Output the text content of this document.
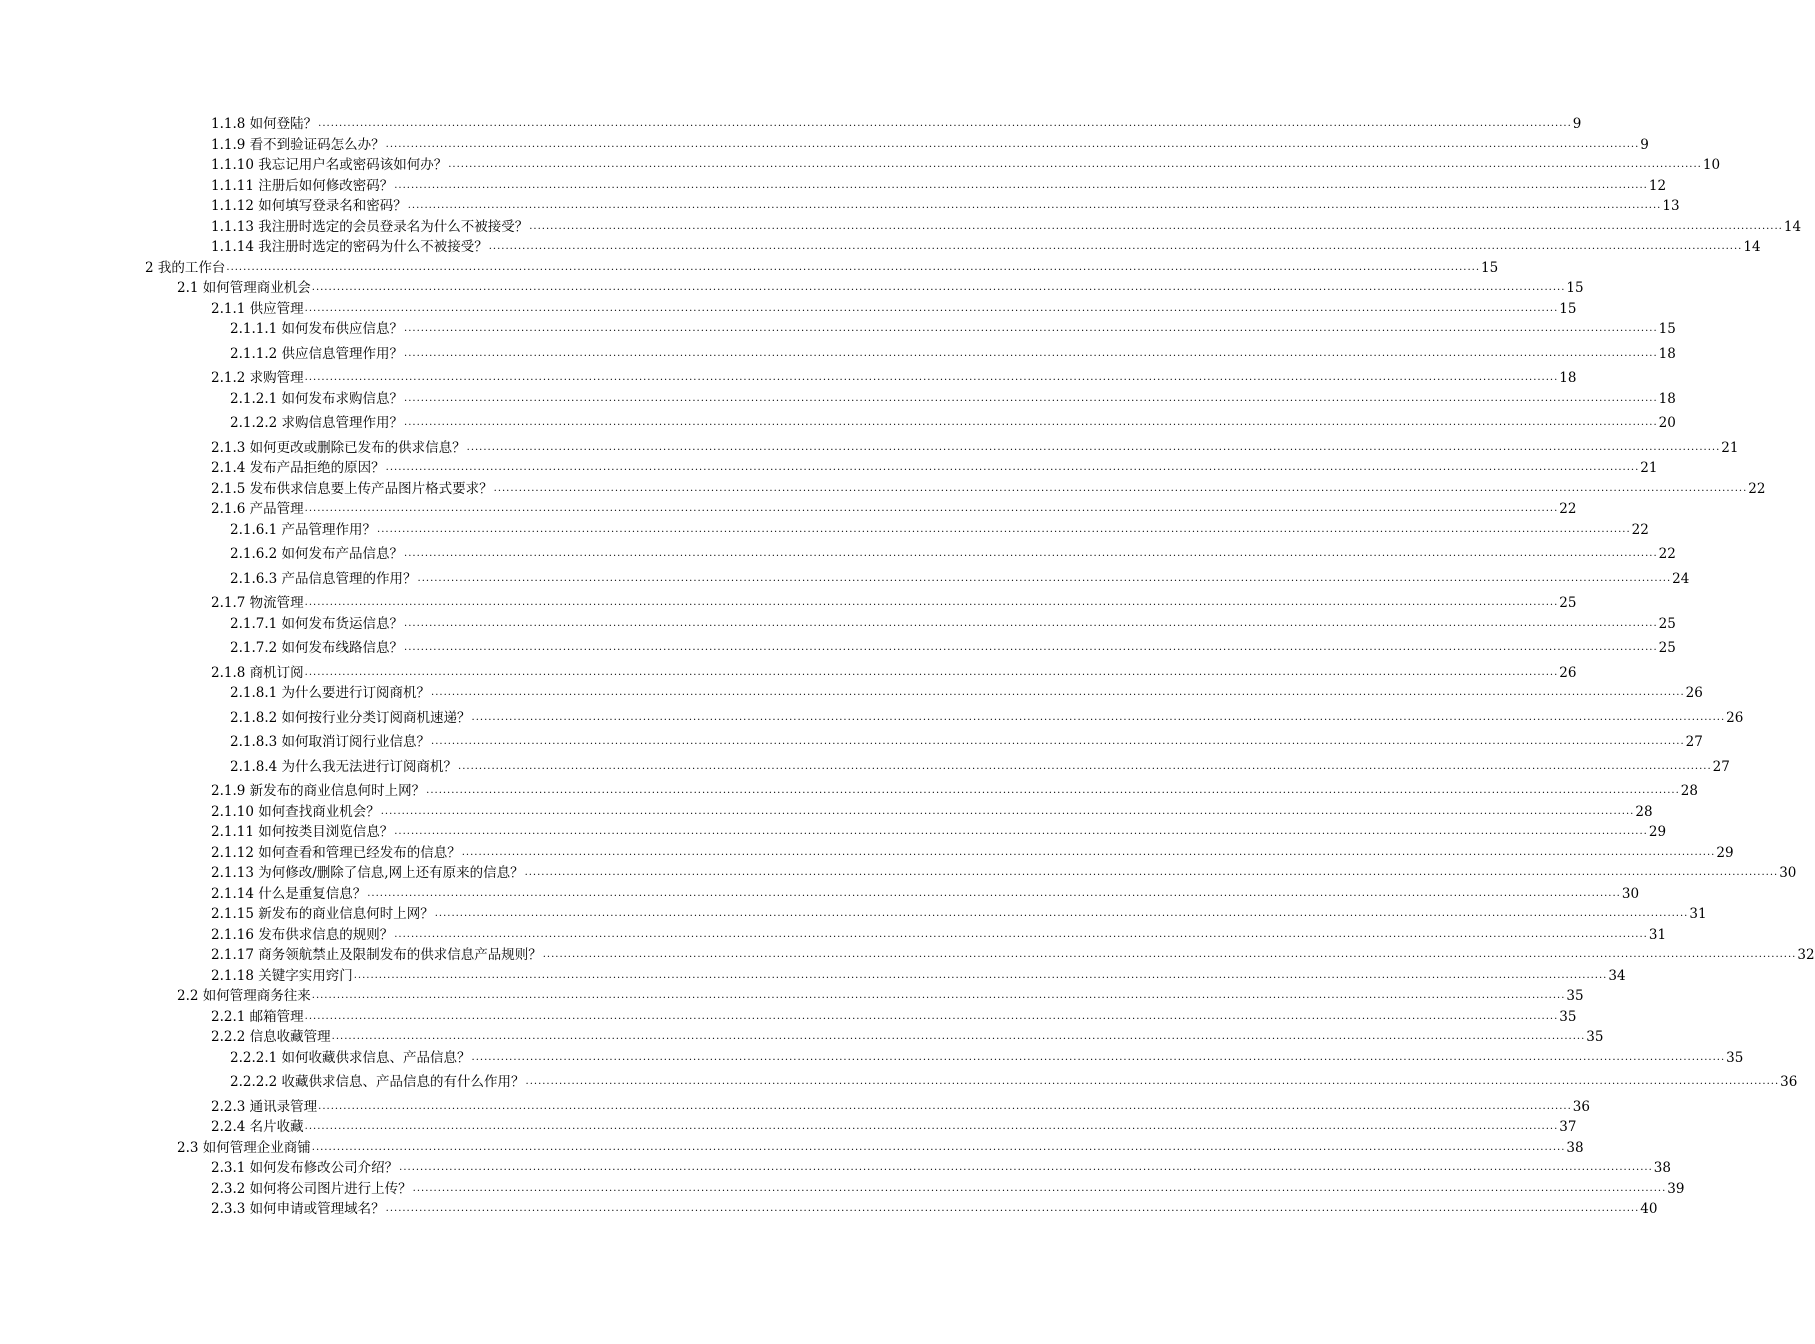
1.1.8 如何登陆？ ............................................................................................................................................................................................................................................................................................................ 9
1.1.9 看不到验证码怎么办？ ............................................................................................................................................................................................................................................................................................................ 9
1.1.10 我忘记用户名或密码该如何办？ ............................................................................................................................................................................................................................................................................................................ 10
1.1.11 注册后如何修改密码？ ............................................................................................................................................................................................................................................................................................................ 12
1.1.12 如何填写登录名和密码？ ............................................................................................................................................................................................................................................................................................................ 13
1.1.13 我注册时选定的会员登录名为什么不被接受？ ............................................................................................................................................................................................................................................................................................................ 14
1.1.14 我注册时选定的密码为什么不被接受？ ............................................................................................................................................................................................................................................................................................................ 14
2 我的工作台 ............................................................................................................................................................................................................................................................................................................ 15
2.1 如何管理商业机会 ............................................................................................................................................................................................................................................................................................................ 15
2.1.1 供应管理 ............................................................................................................................................................................................................................................................................................................ 15
2.1.1.1 如何发布供应信息？ ............................................................................................................................................................................................................................................................................................................ 15
2.1.1.2 供应信息管理作用？ ............................................................................................................................................................................................................................................................................................................ 18
2.1.2 求购管理 ............................................................................................................................................................................................................................................................................................................ 18
2.1.2.1 如何发布求购信息？ ............................................................................................................................................................................................................................................................................................................ 18
2.1.2.2 求购信息管理作用？ ............................................................................................................................................................................................................................................................................................................ 20
2.1.3 如何更改或删除已发布的供求信息？ ............................................................................................................................................................................................................................................................................................................ 21
2.1.4 发布产品拒绝的原因？ ............................................................................................................................................................................................................................................................................................................ 21
2.1.5 发布供求信息要上传产品图片格式要求？ ............................................................................................................................................................................................................................................................................................................ 22
2.1.6 产品管理 ............................................................................................................................................................................................................................................................................................................ 22
2.1.6.1 产品管理作用？ ............................................................................................................................................................................................................................................................................................................ 22
2.1.6.2 如何发布产品信息？ ............................................................................................................................................................................................................................................................................................................ 22
2.1.6.3 产品信息管理的作用？ ............................................................................................................................................................................................................................................................................................................ 24
2.1.7 物流管理 ............................................................................................................................................................................................................................................................................................................ 25
2.1.7.1 如何发布货运信息？ ............................................................................................................................................................................................................................................................................................................ 25
2.1.7.2 如何发布线路信息？ ............................................................................................................................................................................................................................................................................................................ 25
2.1.8 商机订阅 ............................................................................................................................................................................................................................................................................................................ 26
2.1.8.1 为什么要进行订阅商机？ ............................................................................................................................................................................................................................................................................................................ 26
2.1.8.2 如何按行业分类订阅商机速递？ ............................................................................................................................................................................................................................................................................................................ 26
2.1.8.3 如何取消订阅行业信息？ ............................................................................................................................................................................................................................................................................................................ 27
2.1.8.4 为什么我无法进行订阅商机？ ............................................................................................................................................................................................................................................................................................................ 27
2.1.9 新发布的商业信息何时上网？ ............................................................................................................................................................................................................................................................................................................ 28
2.1.10 如何查找商业机会？ ............................................................................................................................................................................................................................................................................................................ 28
2.1.11 如何按类目浏览信息？ ............................................................................................................................................................................................................................................................................................................ 29
2.1.12 如何查看和管理已经发布的信息？ ............................................................................................................................................................................................................................................................................................................ 29
2.1.13 为何修改/删除了信息,网上还有原来的信息？ ............................................................................................................................................................................................................................................................................................................ 30
2.1.14 什么是重复信息？ ............................................................................................................................................................................................................................................................................................................ 30
2.1.15 新发布的商业信息何时上网？ ............................................................................................................................................................................................................................................................................................................ 31
2.1.16 发布供求信息的规则？ ............................................................................................................................................................................................................................................................................................................ 31
2.1.17 商务领航禁止及限制发布的供求信息产品规则？ ............................................................................................................................................................................................................................................................................................................ 32
2.1.18 关键字实用窍门 ............................................................................................................................................................................................................................................................................................................ 34
2.2 如何管理商务往来 ............................................................................................................................................................................................................................................................................................................ 35
2.2.1 邮箱管理 ............................................................................................................................................................................................................................................................................................................ 35
2.2.2 信息收藏管理 ............................................................................................................................................................................................................................................................................................................ 35
2.2.2.1 如何收藏供求信息、产品信息？ ............................................................................................................................................................................................................................................................................................................ 35
2.2.2.2 收藏供求信息、产品信息的有什么作用？ ............................................................................................................................................................................................................................................................................................................ 36
2.2.3 通讯录管理 ............................................................................................................................................................................................................................................................................................................ 36
2.2.4 名片收藏 ............................................................................................................................................................................................................................................................................................................ 37
2.3 如何管理企业商铺 ............................................................................................................................................................................................................................................................................................................ 38
2.3.1 如何发布修改公司介绍？ ............................................................................................................................................................................................................................................................................................................ 38
2.3.2 如何将公司图片进行上传？ ............................................................................................................................................................................................................................................................................................................ 39
2.3.3 如何申请或管理域名？ ............................................................................................................................................................................................................................................................................................................ 40
